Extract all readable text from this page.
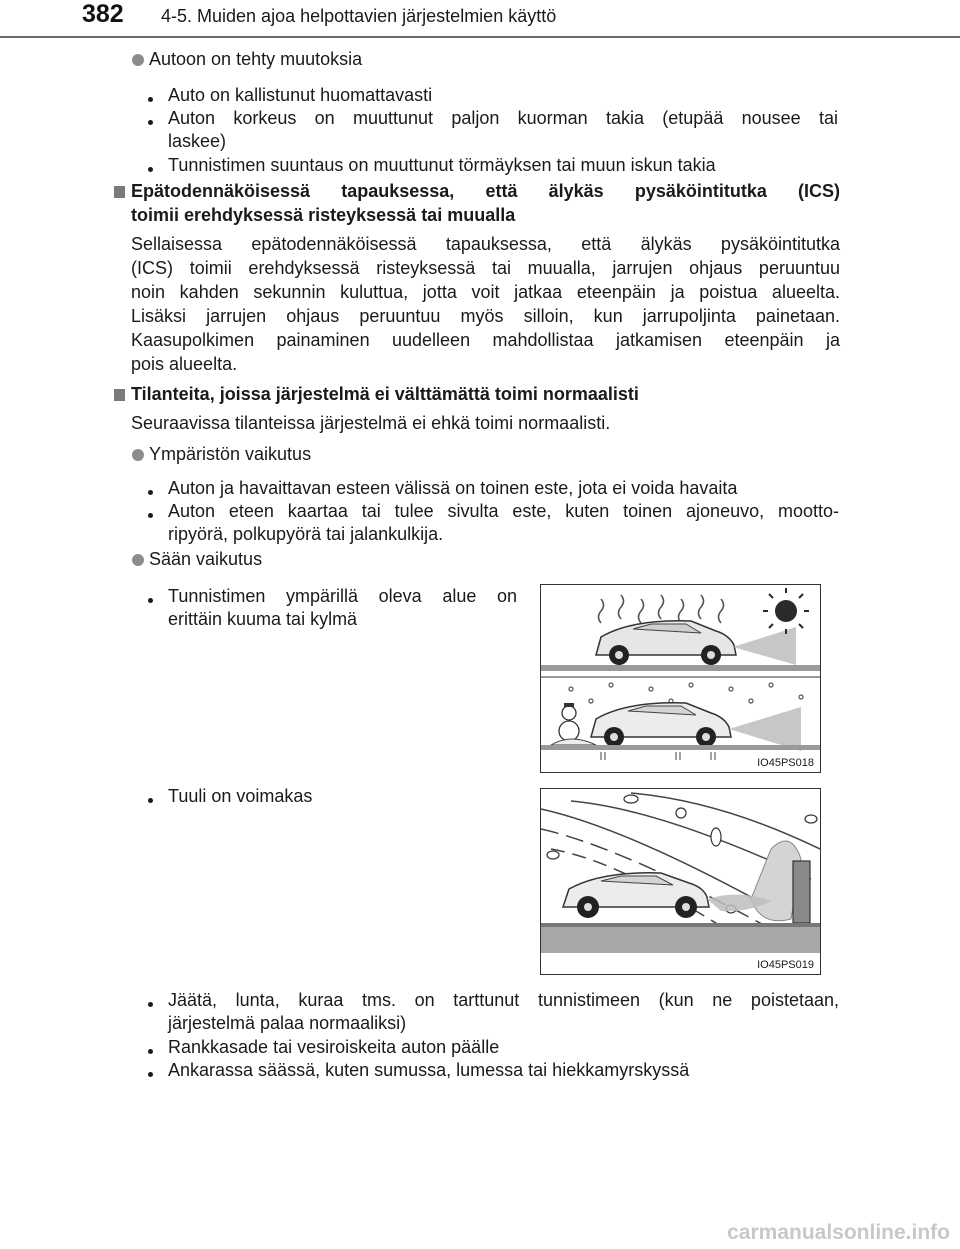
382 4-5. Muiden ajoa helpottavien järjestelmien käyttö
Autoon on tehty muutoksia
Auto on kallistunut huomattavasti
Auton korkeus on muuttunut paljon kuorman takia (etupää nousee tai
laskee)
Tunnistimen suuntaus on muuttunut törmäyksen tai muun iskun takia
Epätodennäköisessä tapauksessa, että älykäs pysäköintitutka (ICS)
toimii erehdyksessä risteyksessä tai muualla
Sellaisessa epätodennäköisessä tapauksessa, että älykäs pysäköintitutka
(ICS) toimii erehdyksessä risteyksessä tai muualla, jarrujen ohjaus peruuntuu
noin kahden sekunnin kuluttua, jotta voit jatkaa eteenpäin ja poistua alueelta.
Lisäksi jarrujen ohjaus peruuntuu myös silloin, kun jarrupoljinta painetaan.
Kaasupolkimen painaminen uudelleen mahdollistaa jatkamisen eteenpäin ja
pois alueelta.
Tilanteita, joissa järjestelmä ei välttämättä toimi normaalisti
Seuraavissa tilanteissa järjestelmä ei ehkä toimi normaalisti.
Ympäristön vaikutus
Auton ja havaittavan esteen välissä on toinen este, jota ei voida havaita
Auton eteen kaartaa tai tulee sivulta este, kuten toinen ajoneuvo, mootto-
ripyörä, polkupyörä tai jalankulkija.
Sään vaikutus
Tunnistimen ympärillä oleva alue on
erittäin kuuma tai kylmä
Tuuli on voimakas
Jäätä, lunta, kuraa tms. on tarttunut tunnistimeen (kun ne poistetaan,
järjestelmä palaa normaaliksi)
Rankkasade tai vesiroiskeita auton päälle
Ankarassa säässä, kuten sumussa, lumessa tai hiekkamyrskyssä
IO45PS018
IO45PS019
carmanualsonline.info
